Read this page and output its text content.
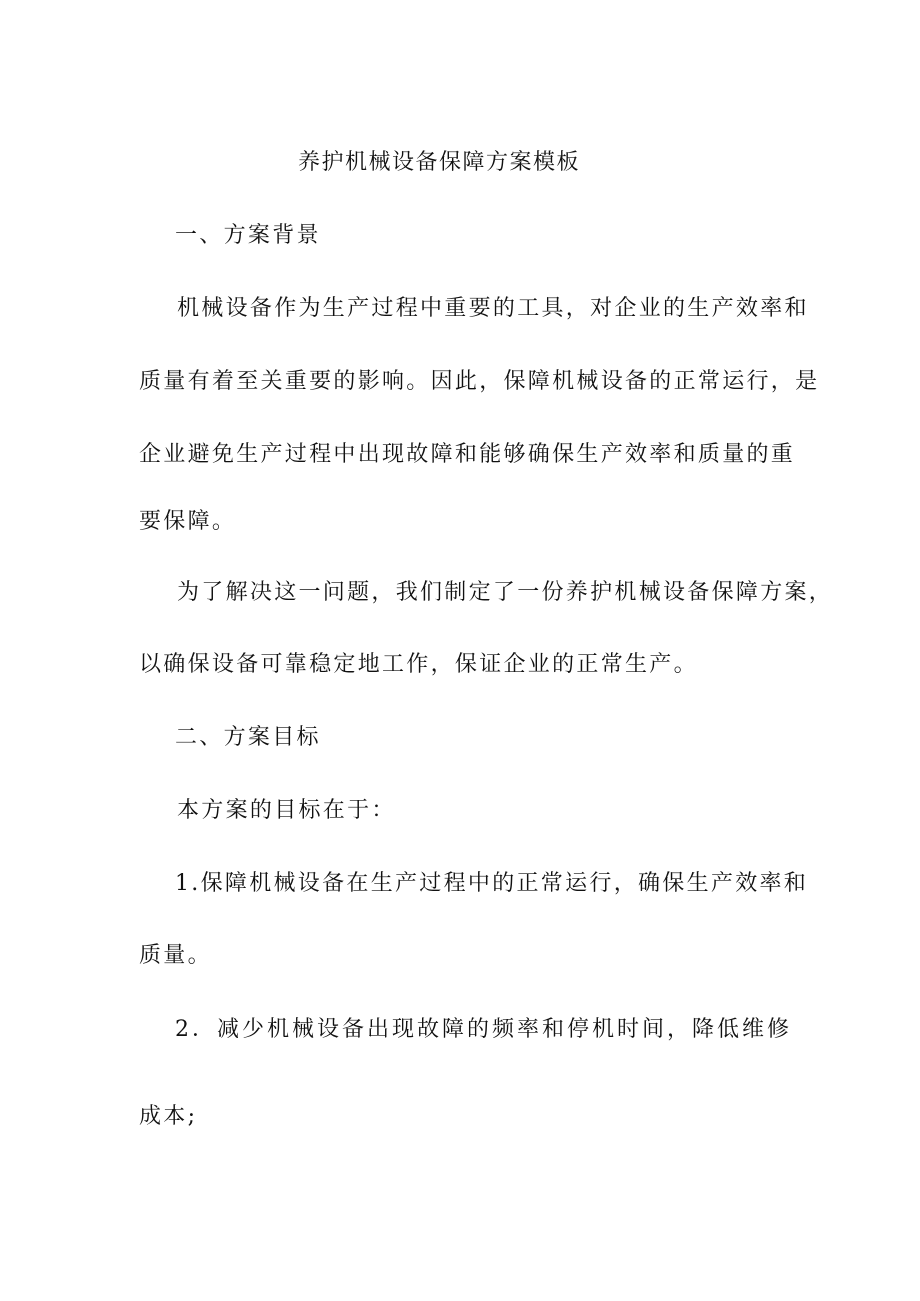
养护机械设备保障方案模板
一、方案背景
机械设备作为生产过程中重要的工具，对企业的生产效率和
质量有着至关重要的影响。因此，保障机械设备的正常运行，是
企业避免生产过程中出现故障和能够确保生产效率和质量的重
要保障。
为了解决这一问题，我们制定了一份养护机械设备保障方案，
以确保设备可靠稳定地工作，保证企业的正常生产。
二、方案目标
本方案的目标在于：
1.保障机械设备在生产过程中的正常运行，确保生产效率和
质量。
2．减少机械设备出现故障的频率和停机时间，降低维修
成本;
